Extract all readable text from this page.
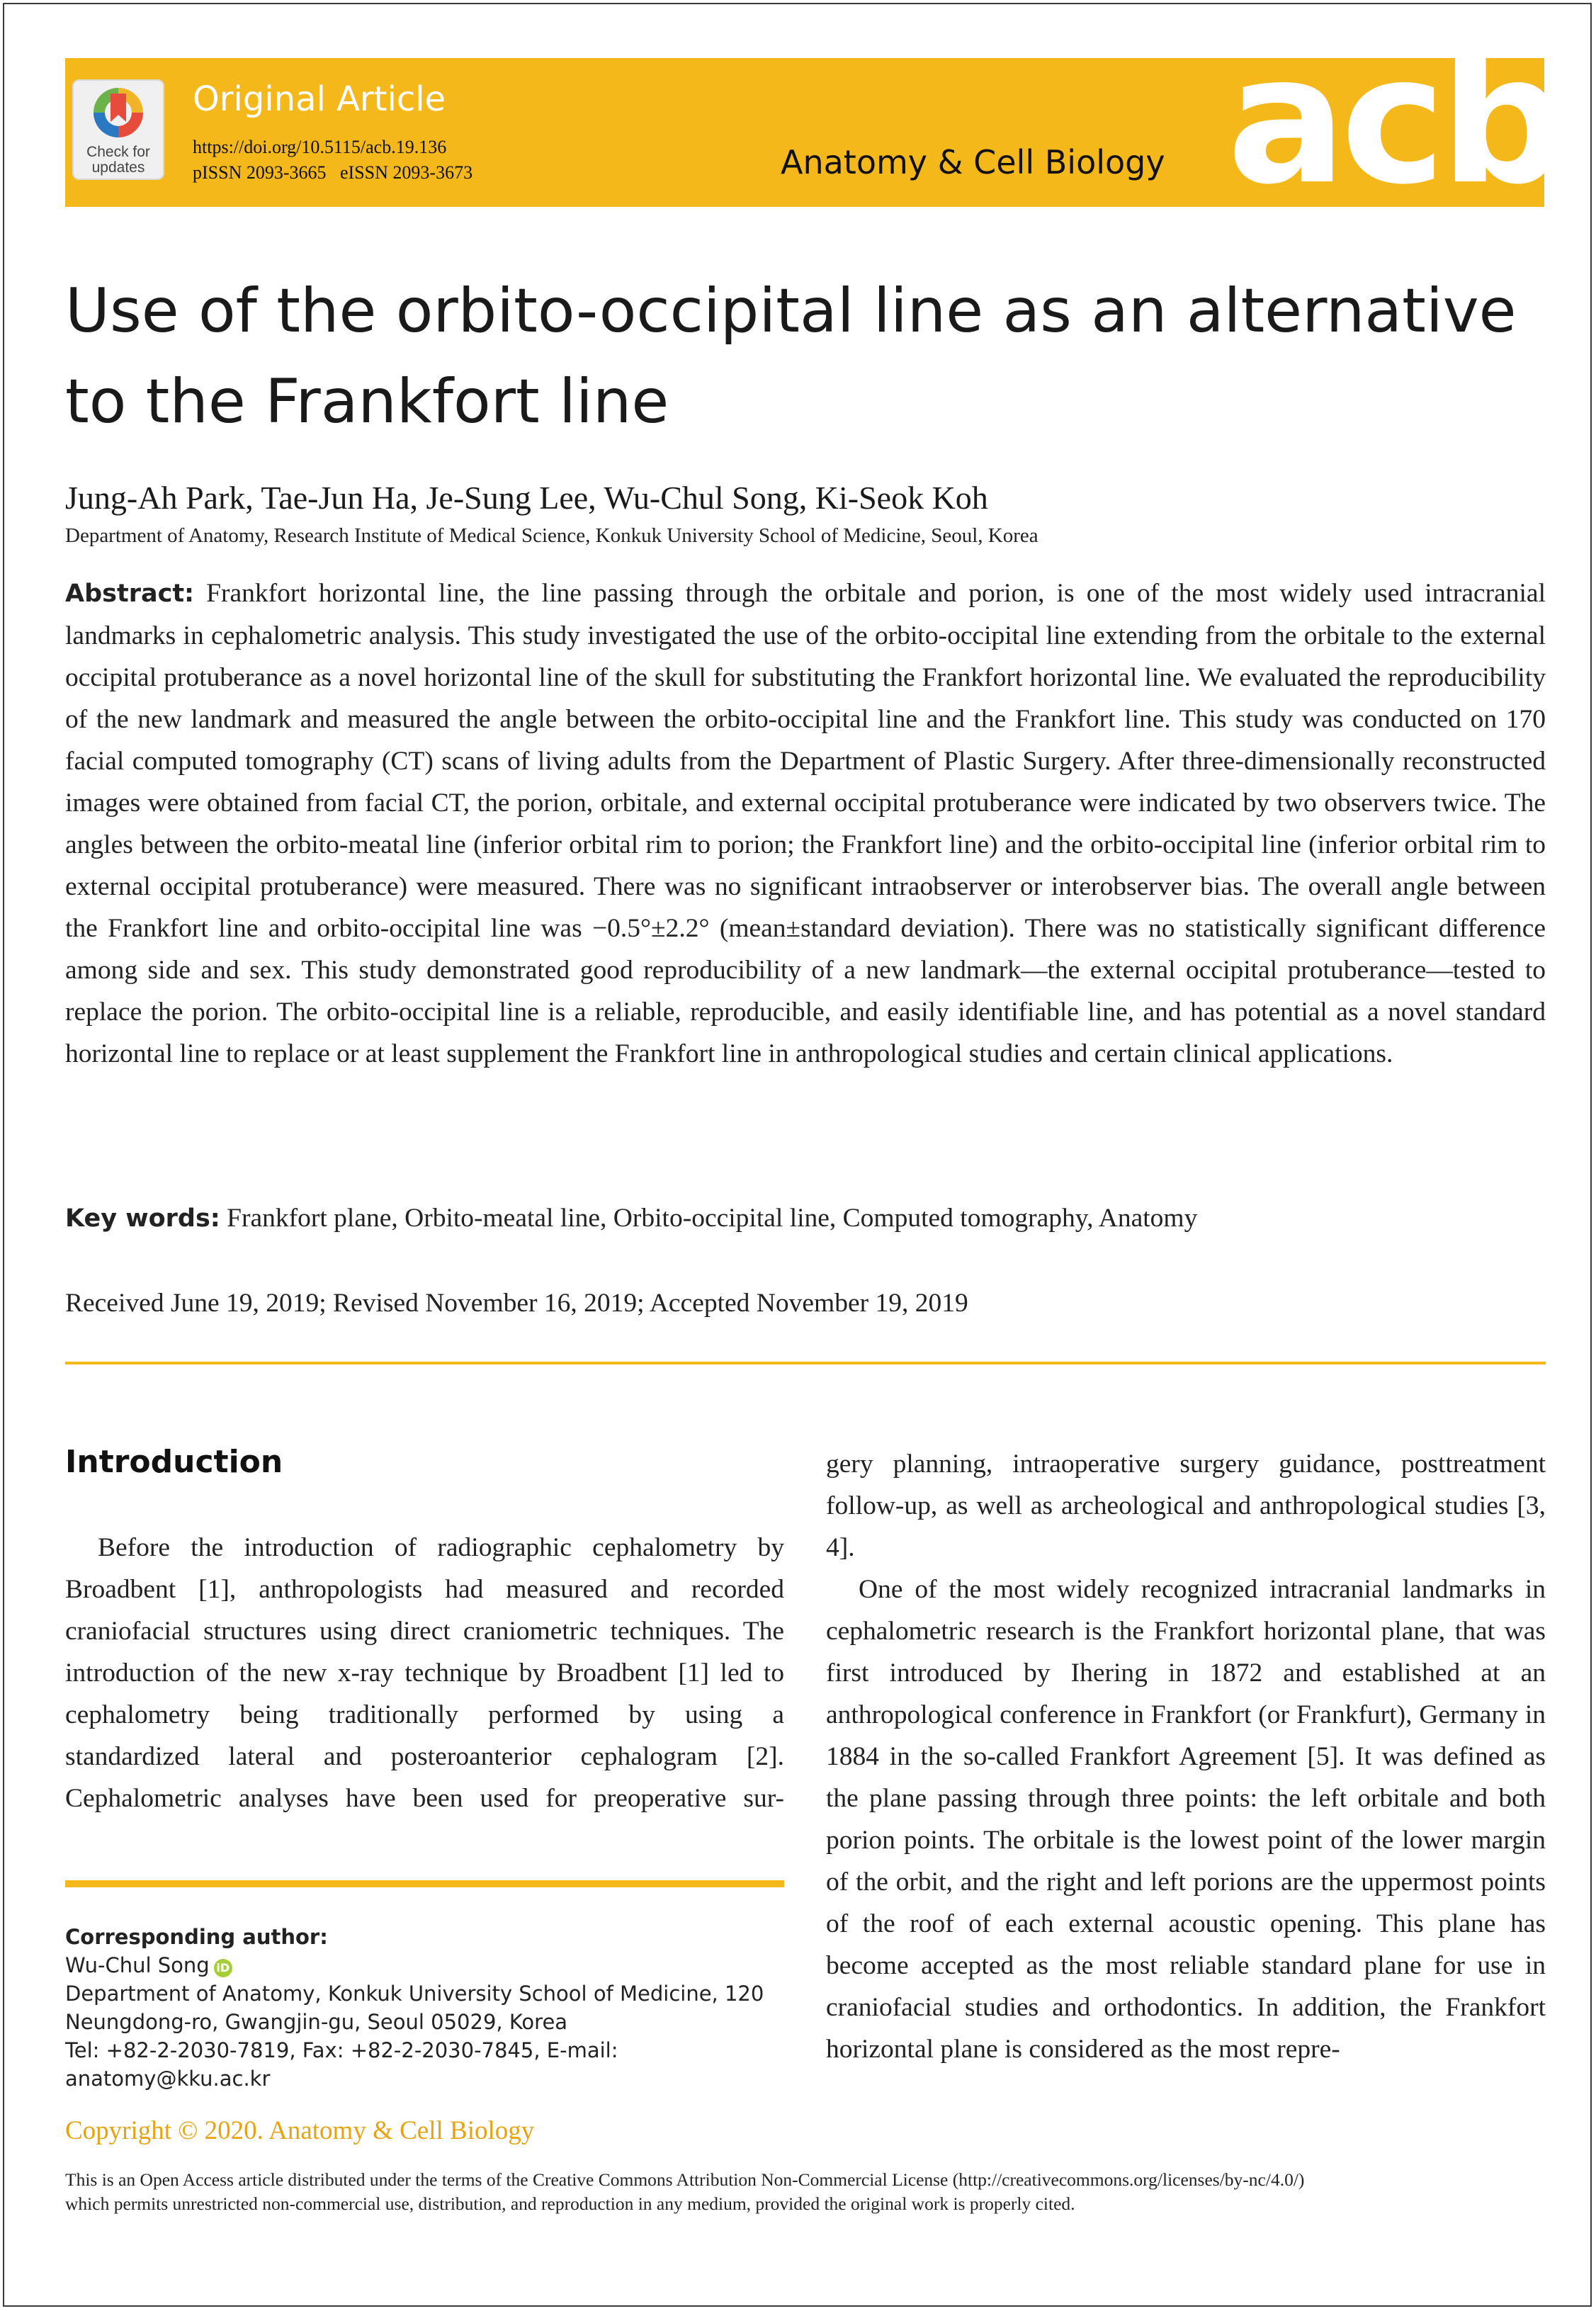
Check for updates
Original Article
https://doi.org/10.5115/acb.19.136
pISSN 2093-3665   eISSN 2093-3673	Anatomy & Cell Biology acb
Use of the orbito-occipital line as an alternative
to the Frankfort line
Jung-Ah Park, Tae-Jun Ha, Je-Sung Lee, Wu-Chul Song, Ki-Seok Koh
Department of Anatomy, Research Institute of Medical Science, Konkuk University School of Medicine, Seoul, Korea
Abstract: Frankfort horizontal line, the line passing through the orbitale and porion, is one of the most widely used intracranial landmarks in cephalometric analysis. This study investigated the use of the orbito-occipital line extending from the orbitale to the external occipital protuberance as a novel horizontal line of the skull for substituting the Frankfort horizontal line. We evaluated the reproducibility of the new landmark and measured the angle between the orbito-occipital line and the Frankfort line. This study was conducted on 170 facial computed tomography (CT) scans of living adults from the Department of Plastic Surgery. After three-dimensionally reconstructed images were obtained from facial CT, the porion, orbitale, and external occipital protuberance were indicated by two observers twice. The angles between the orbito-meatal line (inferior orbital rim to porion; the Frankfort line) and the orbito-occipital line (inferior orbital rim to external occipital protuberance) were measured. There was no significant intraobserver or interobserver bias. The overall angle between the Frankfort line and orbito-occipital line was −0.5°±2.2° (mean±standard deviation). There was no statistically significant difference among side and sex. This study demonstrated good reproducibility of a new landmark—the external occipital protuberance—tested to replace the porion. The orbito-occipital line is a reliable, reproducible, and easily identifiable line, and has potential as a novel standard horizontal line to replace or at least supplement the Frankfort line in anthropological studies and certain clinical applications.
Key words: Frankfort plane, Orbito-meatal line, Orbito-occipital line, Computed tomography, Anatomy
Received June 19, 2019; Revised November 16, 2019; Accepted November 19, 2019
Introduction

Before the introduction of radiographic cephalometry by Broadbent [1], anthropologists had measured and recorded craniofacial structures using direct craniometric techniques. The introduction of the new x-ray technique by Broadbent [1] led to cephalometry being traditionally performed by using a standardized lateral and posteroanterior cephalogram [2]. Cephalometric analyses have been used for preoperative sur-

gery planning, intraoperative surgery guidance, posttreatment follow-up, as well as archeological and anthropological studies [3, 4].

One of the most widely recognized intracranial landmarks in cephalometric research is the Frankfort horizontal plane, that was first introduced by Ihering in 1872 and established at an anthropological conference in Frankfort (or Frankfurt), Germany in 1884 in the so-called Frankfort Agreement [5]. It was defined as the plane passing through three points: the left orbitale and both porion points. The orbitale is the lowest point of the lower margin of the orbit, and the right and left porions are the uppermost points of the roof of each external acoustic opening. This plane has become accepted as the most reliable standard plane for use in craniofacial studies and orthodontics. In addition, the Frankfort horizontal plane is considered as the most repre-

Corresponding author:
Wu-Chul Song iD
Department of Anatomy, Konkuk University School of Medicine, 120
Neungdong-ro, Gwangjin-gu, Seoul 05029, Korea
Tel: +82-2-2030-7819, Fax: +82-2-2030-7845, E-mail: anatomy@kku.ac.kr
Copyright © 2020. Anatomy & Cell Biology
This is an Open Access article distributed under the terms of the Creative Commons Attribution Non-Commercial License (http://creativecommons.org/licenses/by-nc/4.0/)
which permits unrestricted non-commercial use, distribution, and reproduction in any medium, provided the original work is properly cited.
